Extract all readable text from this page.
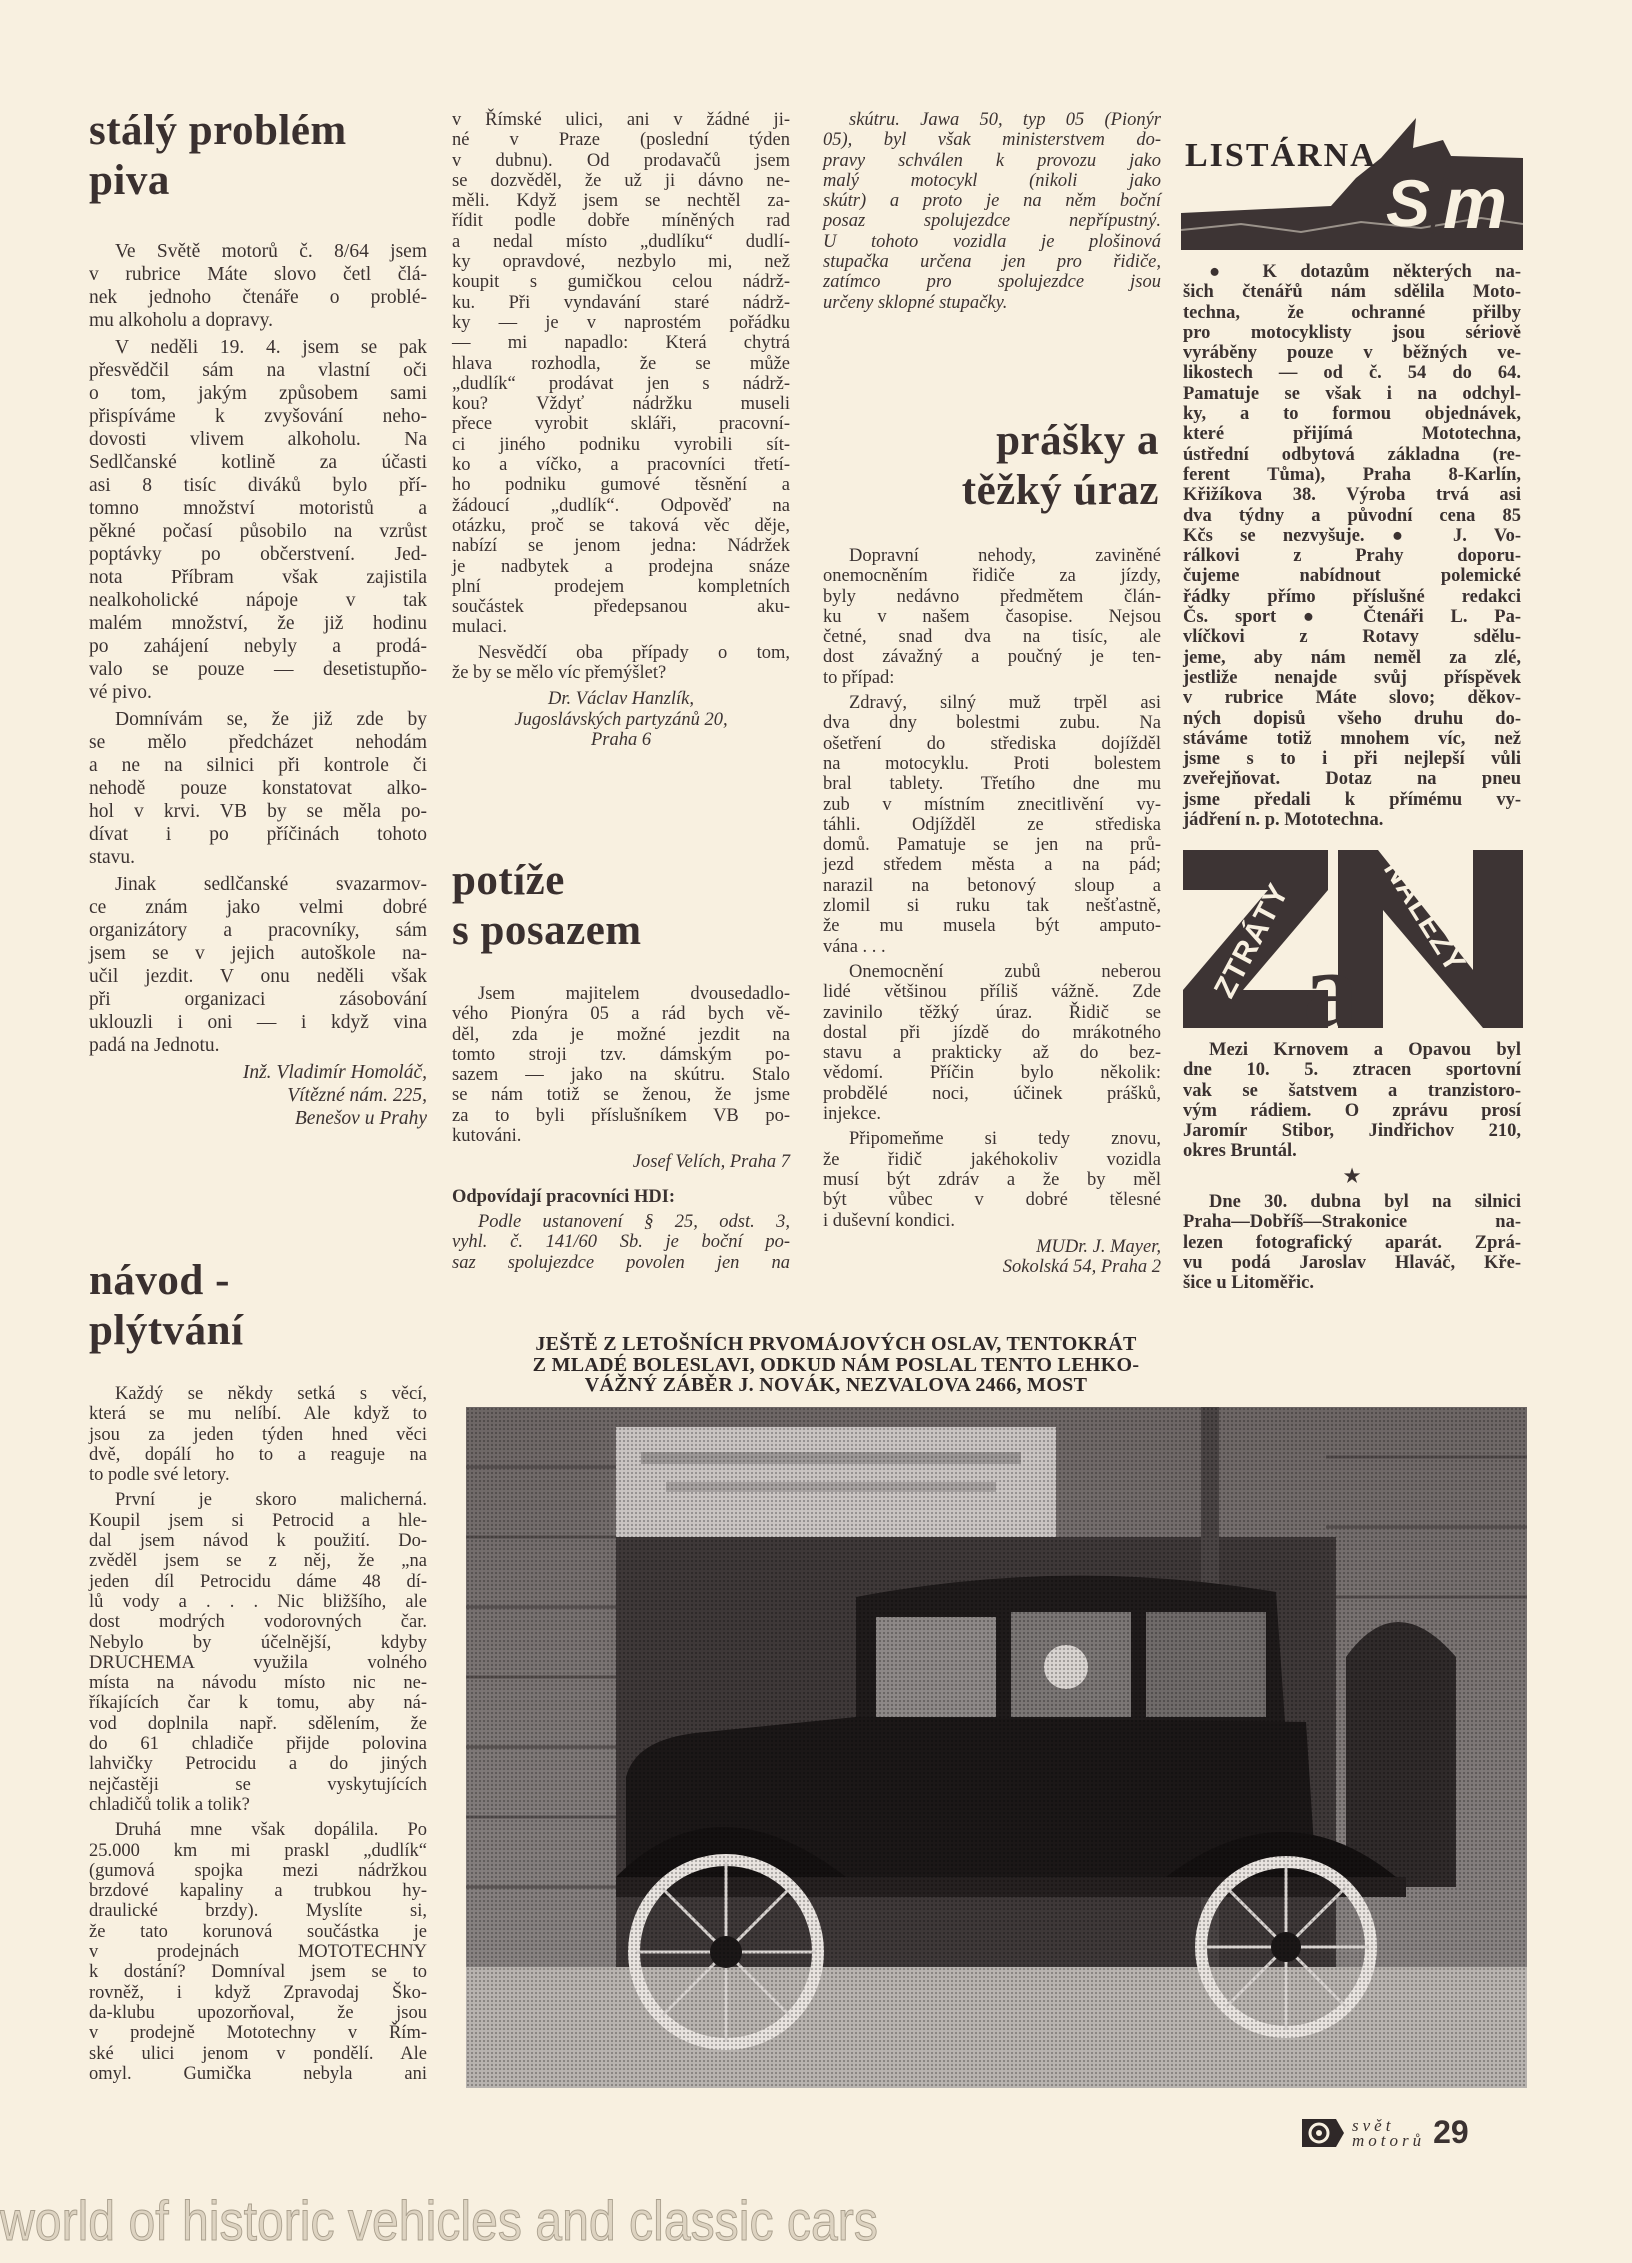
stálý problém
piva
Ve Světě motorů č. 8/64 jsem
v rubrice Máte slovo četl člá-
nek jednoho čtenáře o problé-
mu alkoholu a dopravy.
V neděli 19. 4. jsem se pak
přesvědčil sám na vlastní oči
o tom, jakým způsobem sami
přispíváme k zvyšování neho-
dovosti vlivem alkoholu. Na
Sedlčanské kotlině za účasti
asi 8 tisíc diváků bylo pří-
tomno množství motoristů a
pěkné počasí působilo na vzrůst
poptávky po občerstvení. Jed-
nota Příbram však zajistila
nealkoholické nápoje v tak
malém množství, že již hodinu
po zahájení nebyly a prodá-
valo se pouze — desetistupňo-
vé pivo.
Domnívám se, že již zde by
se mělo předcházet nehodám
a ne na silnici při kontrole či
nehodě pouze konstatovat alko-
hol v krvi. VB by se měla po-
dívat i po příčinách tohoto
stavu.
Jinak sedlčanské svazarmov-
ce znám jako velmi dobré
organizátory a pracovníky, sám
jsem se v jejich autoškole na-
učil jezdit. V onu neděli však
při organizaci zásobování
uklouzli i oni — i když vina
padá na Jednotu.
Inž. Vladimír Homoláč,
Vítězné nám. 225,
Benešov u Prahy
návod -
plýtvání
Každý se někdy setká s věcí,
která se mu nelíbí. Ale když to
jsou za jeden týden hned věci
dvě, dopálí ho to a reaguje na
to podle své letory.
První je skoro malicherná.
Koupil jsem si Petrocid a hle-
dal jsem návod k použití. Do-
zvěděl jsem se z něj, že „na
jeden díl Petrocidu dáme 48 dí-
lů vody a . . . Nic bližšího, ale
dost modrých vodorovných čar.
Nebylo by účelnější, kdyby
DRUCHEMA využila volného
místa na návodu místo nic ne-
říkajících čar k tomu, aby ná-
vod doplnila např. sdělením, že
do 61 chladiče přijde polovina
lahvičky Petrocidu a do jiných
nejčastěji se vyskytujících
chladičů tolik a tolik?
Druhá mne však dopálila. Po
25.000 km mi praskl „dudlík“
(gumová spojka mezi nádržkou
brzdové kapaliny a trubkou hy-
draulické brzdy). Myslíte si,
že tato korunová součástka je
v prodejnách MOTOTECHNY
k dostání? Domníval jsem se to
rovněž, i když Zpravodaj Ško-
da-klubu upozorňoval, že jsou
v prodejně Mototechny v Řím-
ské ulici jenom v pondělí. Ale
omyl. Gumička nebyla ani
v Římské ulici, ani v žádné ji-
né v Praze (poslední týden
v dubnu). Od prodavačů jsem
se dozvěděl, že už ji dávno ne-
měli. Když jsem se nechtěl za-
řídit podle dobře míněných rad
a nedal místo „dudlíku“ dudlí-
ky opravdové, nezbylo mi, než
koupit s gumičkou celou nádrž-
ku. Při vyndavání staré nádrž-
ky — je v naprostém pořádku
— mi napadlo: Která chytrá
hlava rozhodla, že se může
„dudlík“ prodávat jen s nádrž-
kou? Vždyť nádržku museli
přece vyrobit skláři, pracovní-
ci jiného podniku vyrobili sít-
ko a víčko, a pracovníci třetí-
ho podniku gumové těsnění a
žádoucí „dudlík“. Odpověď na
otázku, proč se taková věc děje,
nabízí se jenom jedna: Nádržek
je nadbytek a prodejna snáze
plní prodejem kompletních
součástek předepsanou aku-
mulaci.
Nesvědčí oba případy o tom,
že by se mělo víc přemýšlet?
Dr. Václav Hanzlík,
Jugoslávských partyzánů 20,
Praha 6
potíže
s posazem
Jsem majitelem dvousedadlo-
vého Pionýra 05 a rád bych vě-
děl, zda je možné jezdit na
tomto stroji tzv. dámským po-
sazem — jako na skútru. Stalo
se nám totiž se ženou, že jsme
za to byli příslušníkem VB po-
kutováni.
Josef Velích, Praha 7
Odpovídají pracovníci HDI:
Podle ustanovení § 25, odst. 3,
vyhl. č. 141/60 Sb. je boční po-
saz spolujezdce povolen jen na
skútru. Jawa 50, typ 05 (Pionýr
05), byl však ministerstvem do-
pravy schválen k provozu jako
malý motocykl (nikoli jako
skútr) a proto je na něm boční
posaz spolujezdce nepřípustný.
U tohoto vozidla je plošinová
stupačka určena jen pro řidiče,
zatímco pro spolujezdce jsou
určeny sklopné stupačky.
prášky a
těžký úraz
Dopravní nehody, zaviněné
onemocněním řidiče za jízdy,
byly nedávno předmětem člán-
ku v našem časopise. Nejsou
četné, snad dva na tisíc, ale
dost závažný a poučný je ten-
to případ:
Zdravý, silný muž trpěl asi
dva dny bolestmi zubu. Na
ošetření do střediska dojížděl
na motocyklu. Proti bolestem
bral tablety. Třetího dne mu
zub v místním znecitlivění vy-
táhli. Odjížděl ze střediska
domů. Pamatuje se jen na prů-
jezd středem města a na pád;
narazil na betonový sloup a
zlomil si ruku tak nešťastně,
že mu musela být amputo-
vána . . .
Onemocnění zubů neberou
lidé většinou příliš vážně. Zde
zavinilo těžký úraz. Řidič se
dostal při jízdě do mrákotného
stavu a prakticky až do bez-
vědomí. Příčin bylo několik:
probdělé noci, účinek prášků,
injekce.
Připomeňme si tedy znovu,
že řidič jakéhokoliv vozidla
musí být zdráv a že by měl
být vůbec v dobré tělesné
i duševní kondici.
MUDr. J. Mayer,
Sokolská 54, Praha 2
LISTÁRNA
S m
● K dotazům některých na-
šich čtenářů nám sdělila Moto-
techna, že ochranné přilby
pro motocyklisty jsou sériově
vyráběny pouze v běžných ve-
likostech — od č. 54 do 64.
Pamatuje se však i na odchyl-
ky, a to formou objednávek,
které přijímá Mototechna,
ústřední odbytová základna (re-
ferent Tůma), Praha 8-Karlín,
Křižíkova 38. Výroba trvá asi
dva týdny a původní cena 85
Kčs se nezvyšuje. ● J. Vo-
rálkovi z Prahy doporu-
čujeme nabídnout polemické
řádky přímo příslušné redakci
Čs. sport ● Čtenáři L. Pa-
vlíčkovi z Rotavy sdělu-
jeme, aby nám neměl za zlé,
jestliže nenajde svůj příspěvek
v rubrice Máte slovo; děkov-
ných dopisů všeho druhu do-
stáváme totiž mnohem víc, než
jsme s to i při nejlepší vůli
zveřejňovat. Dotaz na pneu
jsme předali k přímému vy-
jádření n. p. Mototechna.
a
ZTRÁTY	NÁLEZY
Mezi Krnovem a Opavou byl
dne 10. 5. ztracen sportovní
vak se šatstvem a tranzistoro-
vým rádiem. O zprávu prosí
Jaromír Stibor, Jindřichov 210,
okres Bruntál.
★
Dne 30. dubna byl na silnici
Praha—Dobříš—Strakonice na-
lezen fotografický aparát. Zprá-
vu podá Jaroslav Hlaváč, Kře-
šice u Litoměřic.
JEŠTĚ Z LETOŠNÍCH PRVOMÁJOVÝCH OSLAV, TENTOKRÁT
Z MLADÉ BOLESLAVI, ODKUD NÁM POSLAL TENTO LEHKO-
VÁŽNÝ ZÁBĚR J. NOVÁK, NEZVALOVA 2466, MOST
svět
motorů 29
world of historic vehicles and classic cars
